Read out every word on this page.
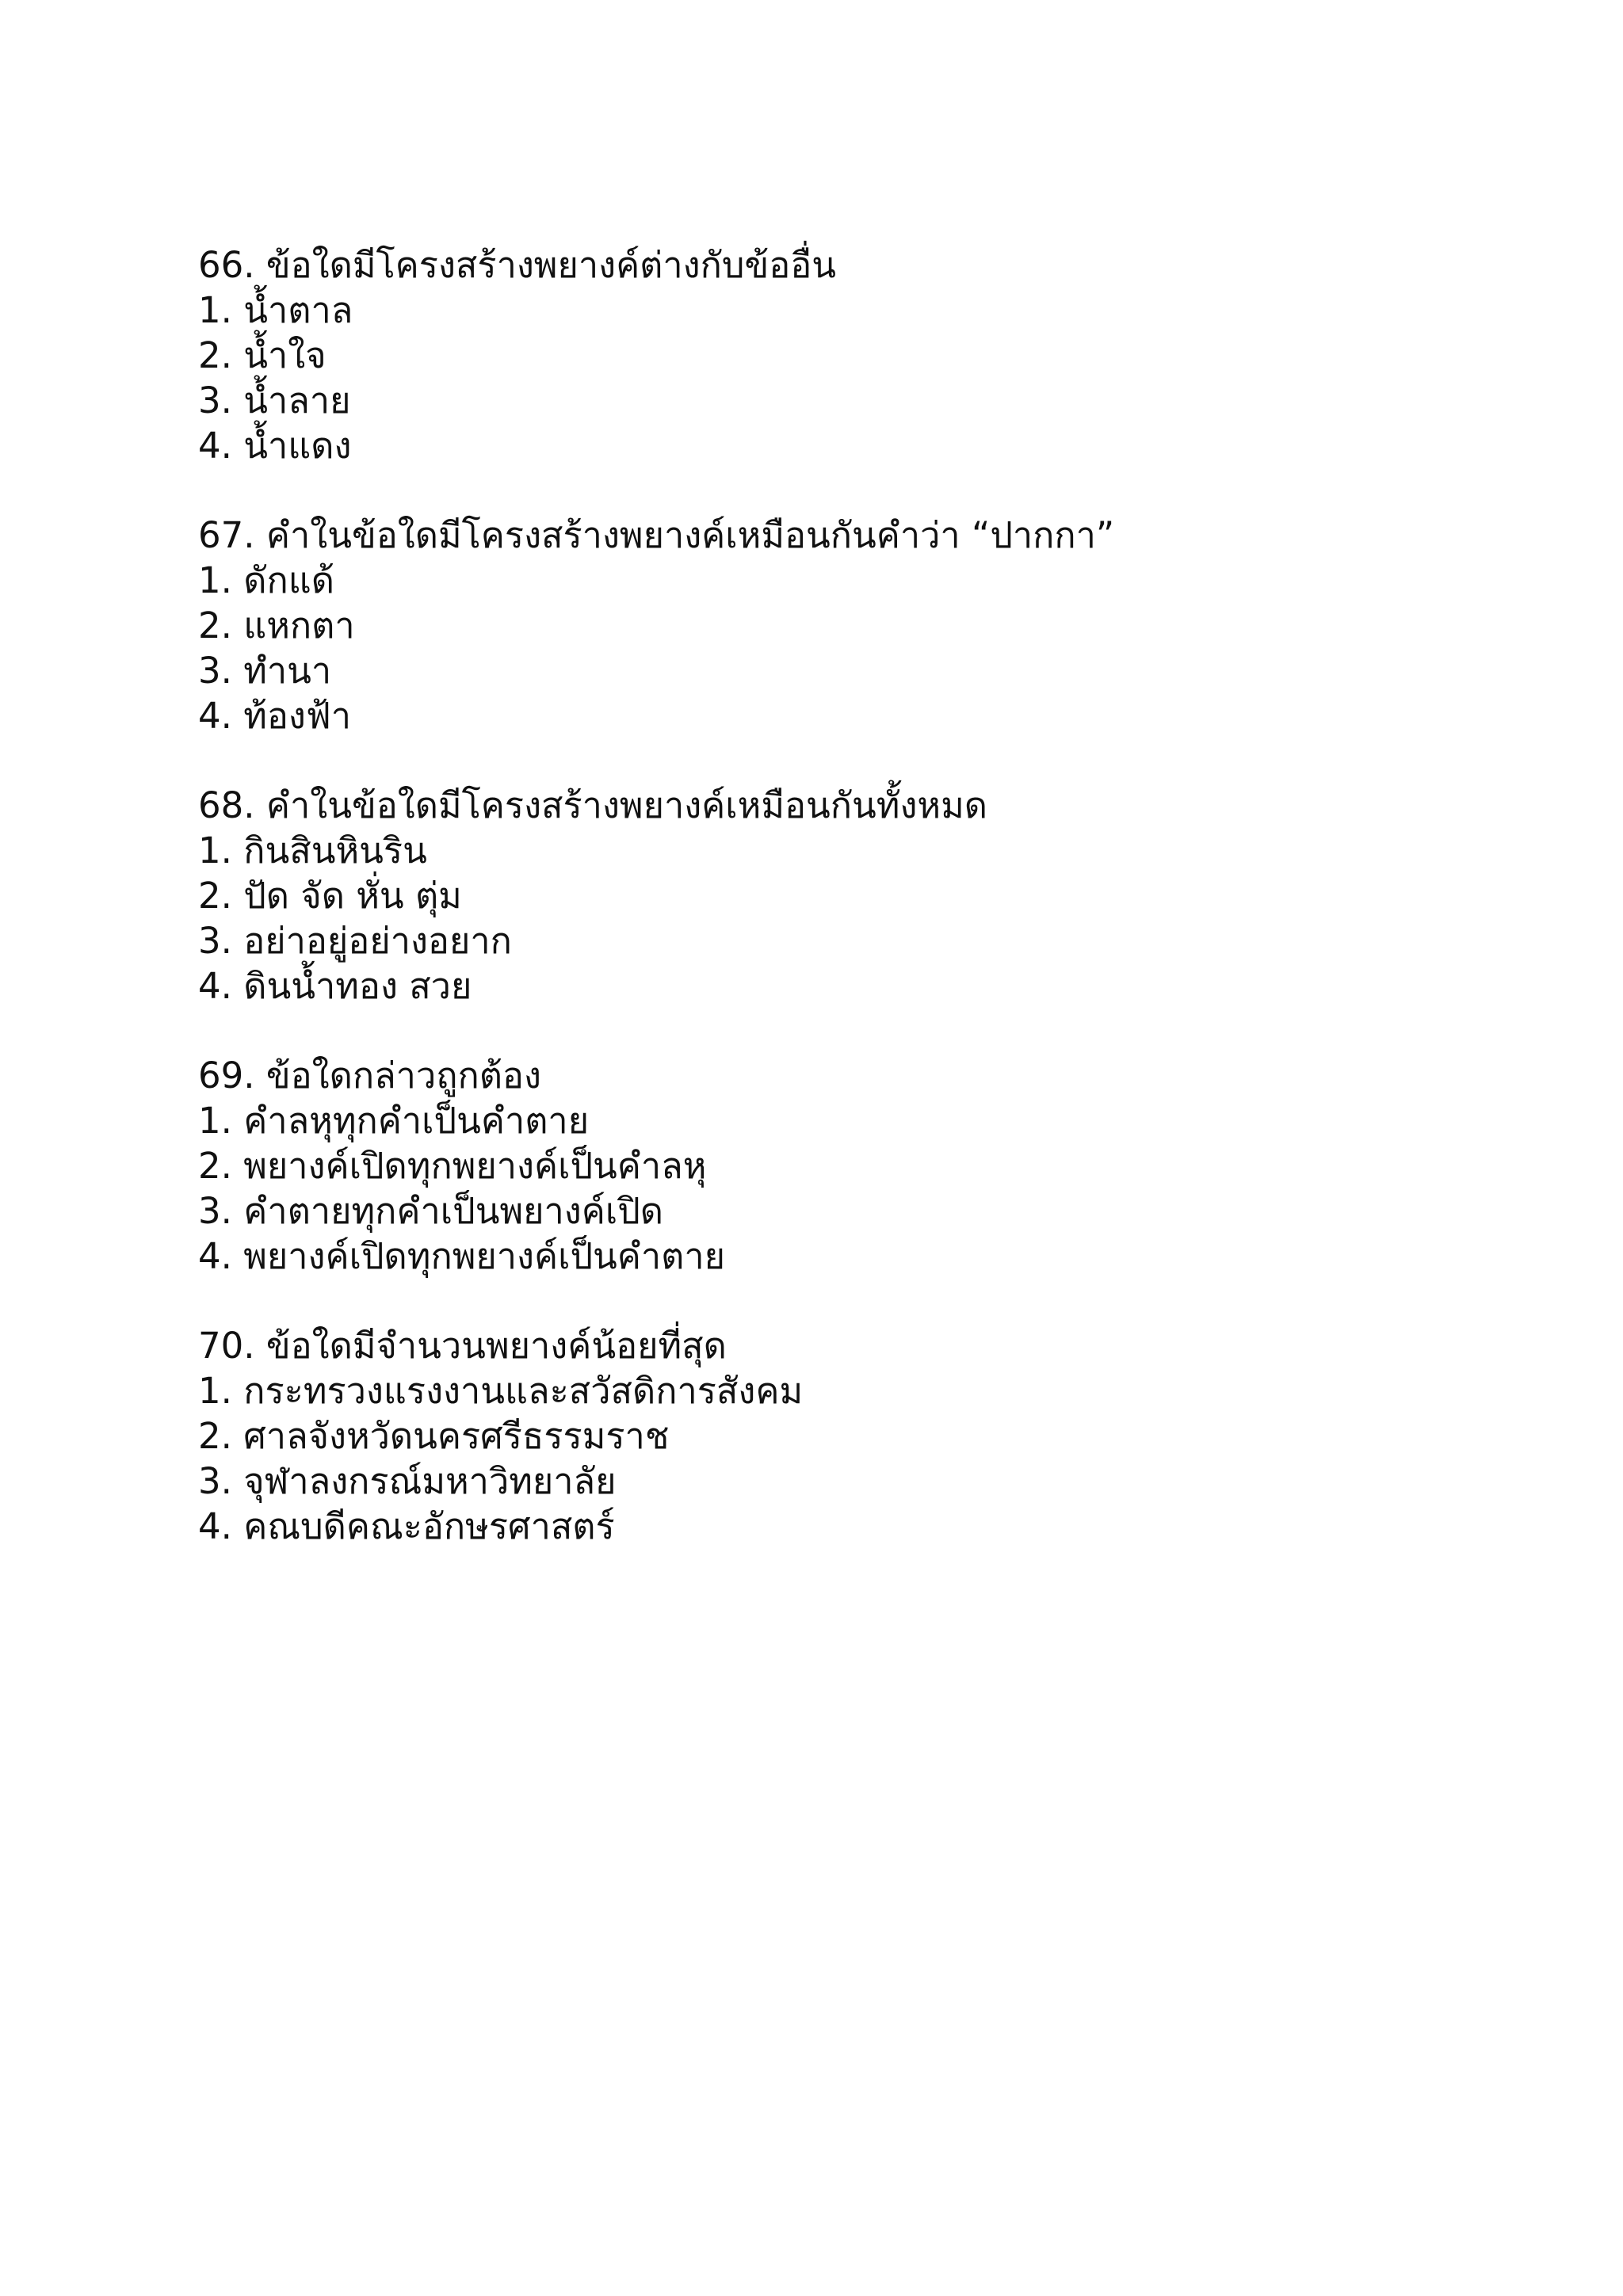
66. ข้อใดมีโครงสร้างพยางค์ต่างกับข้ออื่น
1. น้ำตาล
2. น้ำใจ
3. น้ำลาย
4. น้ำแดง
67. คำในข้อใดมีโครงสร้างพยางค์เหมือนกันคำว่า “ปากกา”
1. ดักแด้
2. แหกตา
3. ทำนา
4. ท้องฟ้า
68. คำในข้อใดมีโครงสร้างพยางค์เหมือนกันทั้งหมด
1. กินสินหินริน
2. ปัด จัด หั่น ตุ่ม
3. อย่าอยู่อย่างอยาก
4. ดินน้ำทอง สวย
69. ข้อใดกล่าวถูกต้อง
1. คำลหุทุกคำเป็นคำตาย
2. พยางค์เปิดทุกพยางค์เป็นคำลหุ
3. คำตายทุกคำเป็นพยางค์เปิด
4. พยางค์เปิดทุกพยางค์เป็นคำตาย
70. ข้อใดมีจำนวนพยางค์น้อยที่สุด
1. กระทรวงแรงงานและสวัสดิการสังคม
2. ศาลจังหวัดนครศรีธรรมราช
3. จุฬาลงกรณ์มหาวิทยาลัย
4. คณบดีคณะอักษรศาสตร์
